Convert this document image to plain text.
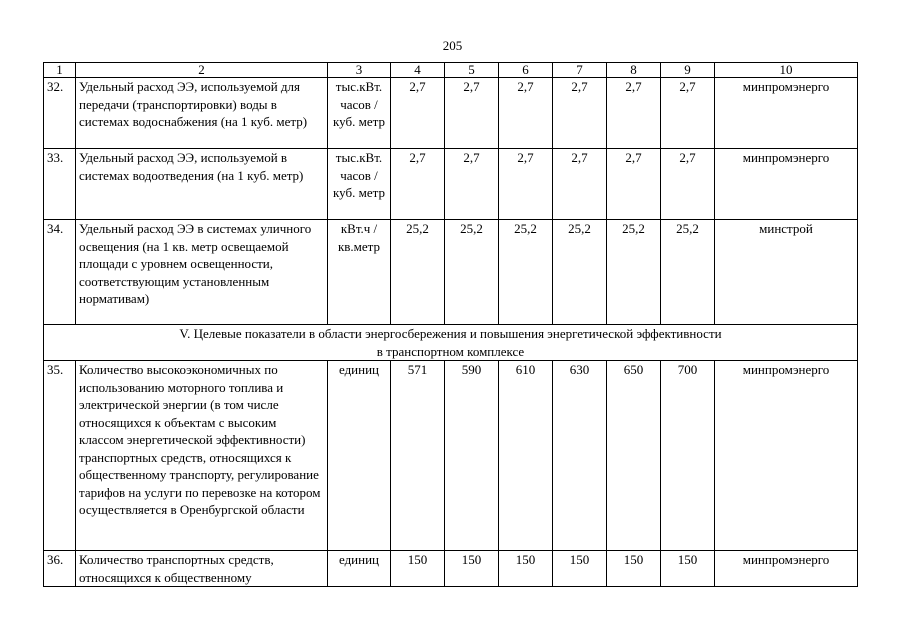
205
1	2	3	4	5	6	7	8	9	10
32.	Удельный расход ЭЭ, используемой для передачи (транспортировки) воды в системах водоснабжения (на 1 куб. метр)	тыс.кВт. часов / куб. метр	2,7	2,7	2,7	2,7	2,7	2,7	минпромэнерго
33.	Удельный расход ЭЭ, используемой в системах водоотведения (на 1 куб. метр)	тыс.кВт. часов / куб. метр	2,7	2,7	2,7	2,7	2,7	2,7	минпромэнерго
34.	Удельный расход ЭЭ в системах уличного освещения (на 1 кв. метр освещаемой площади с уровнем освещенности, соответствующим установленным нормативам)	кВт.ч / кв.метр	25,2	25,2	25,2	25,2	25,2	25,2	минстрой

V. Целевые показатели в области энергосбережения и повышения энергетической эффективности
в транспортном комплексе									

35.	Количество высокоэкономичных по использованию моторного топлива и электрической энергии (в том числе относящихся к объектам с высоким классом энергетической эффективности) транспортных средств, относящихся к общественному транспорту, регулирование тарифов на услуги по перевозке на котором осуществляется в Оренбургской области	единиц	571	590	610	630	650	700	минпромэнерго
36.	Количество транспортных средств, относящихся к общественному	единиц	150	150	150	150	150	150	минпромэнерго
